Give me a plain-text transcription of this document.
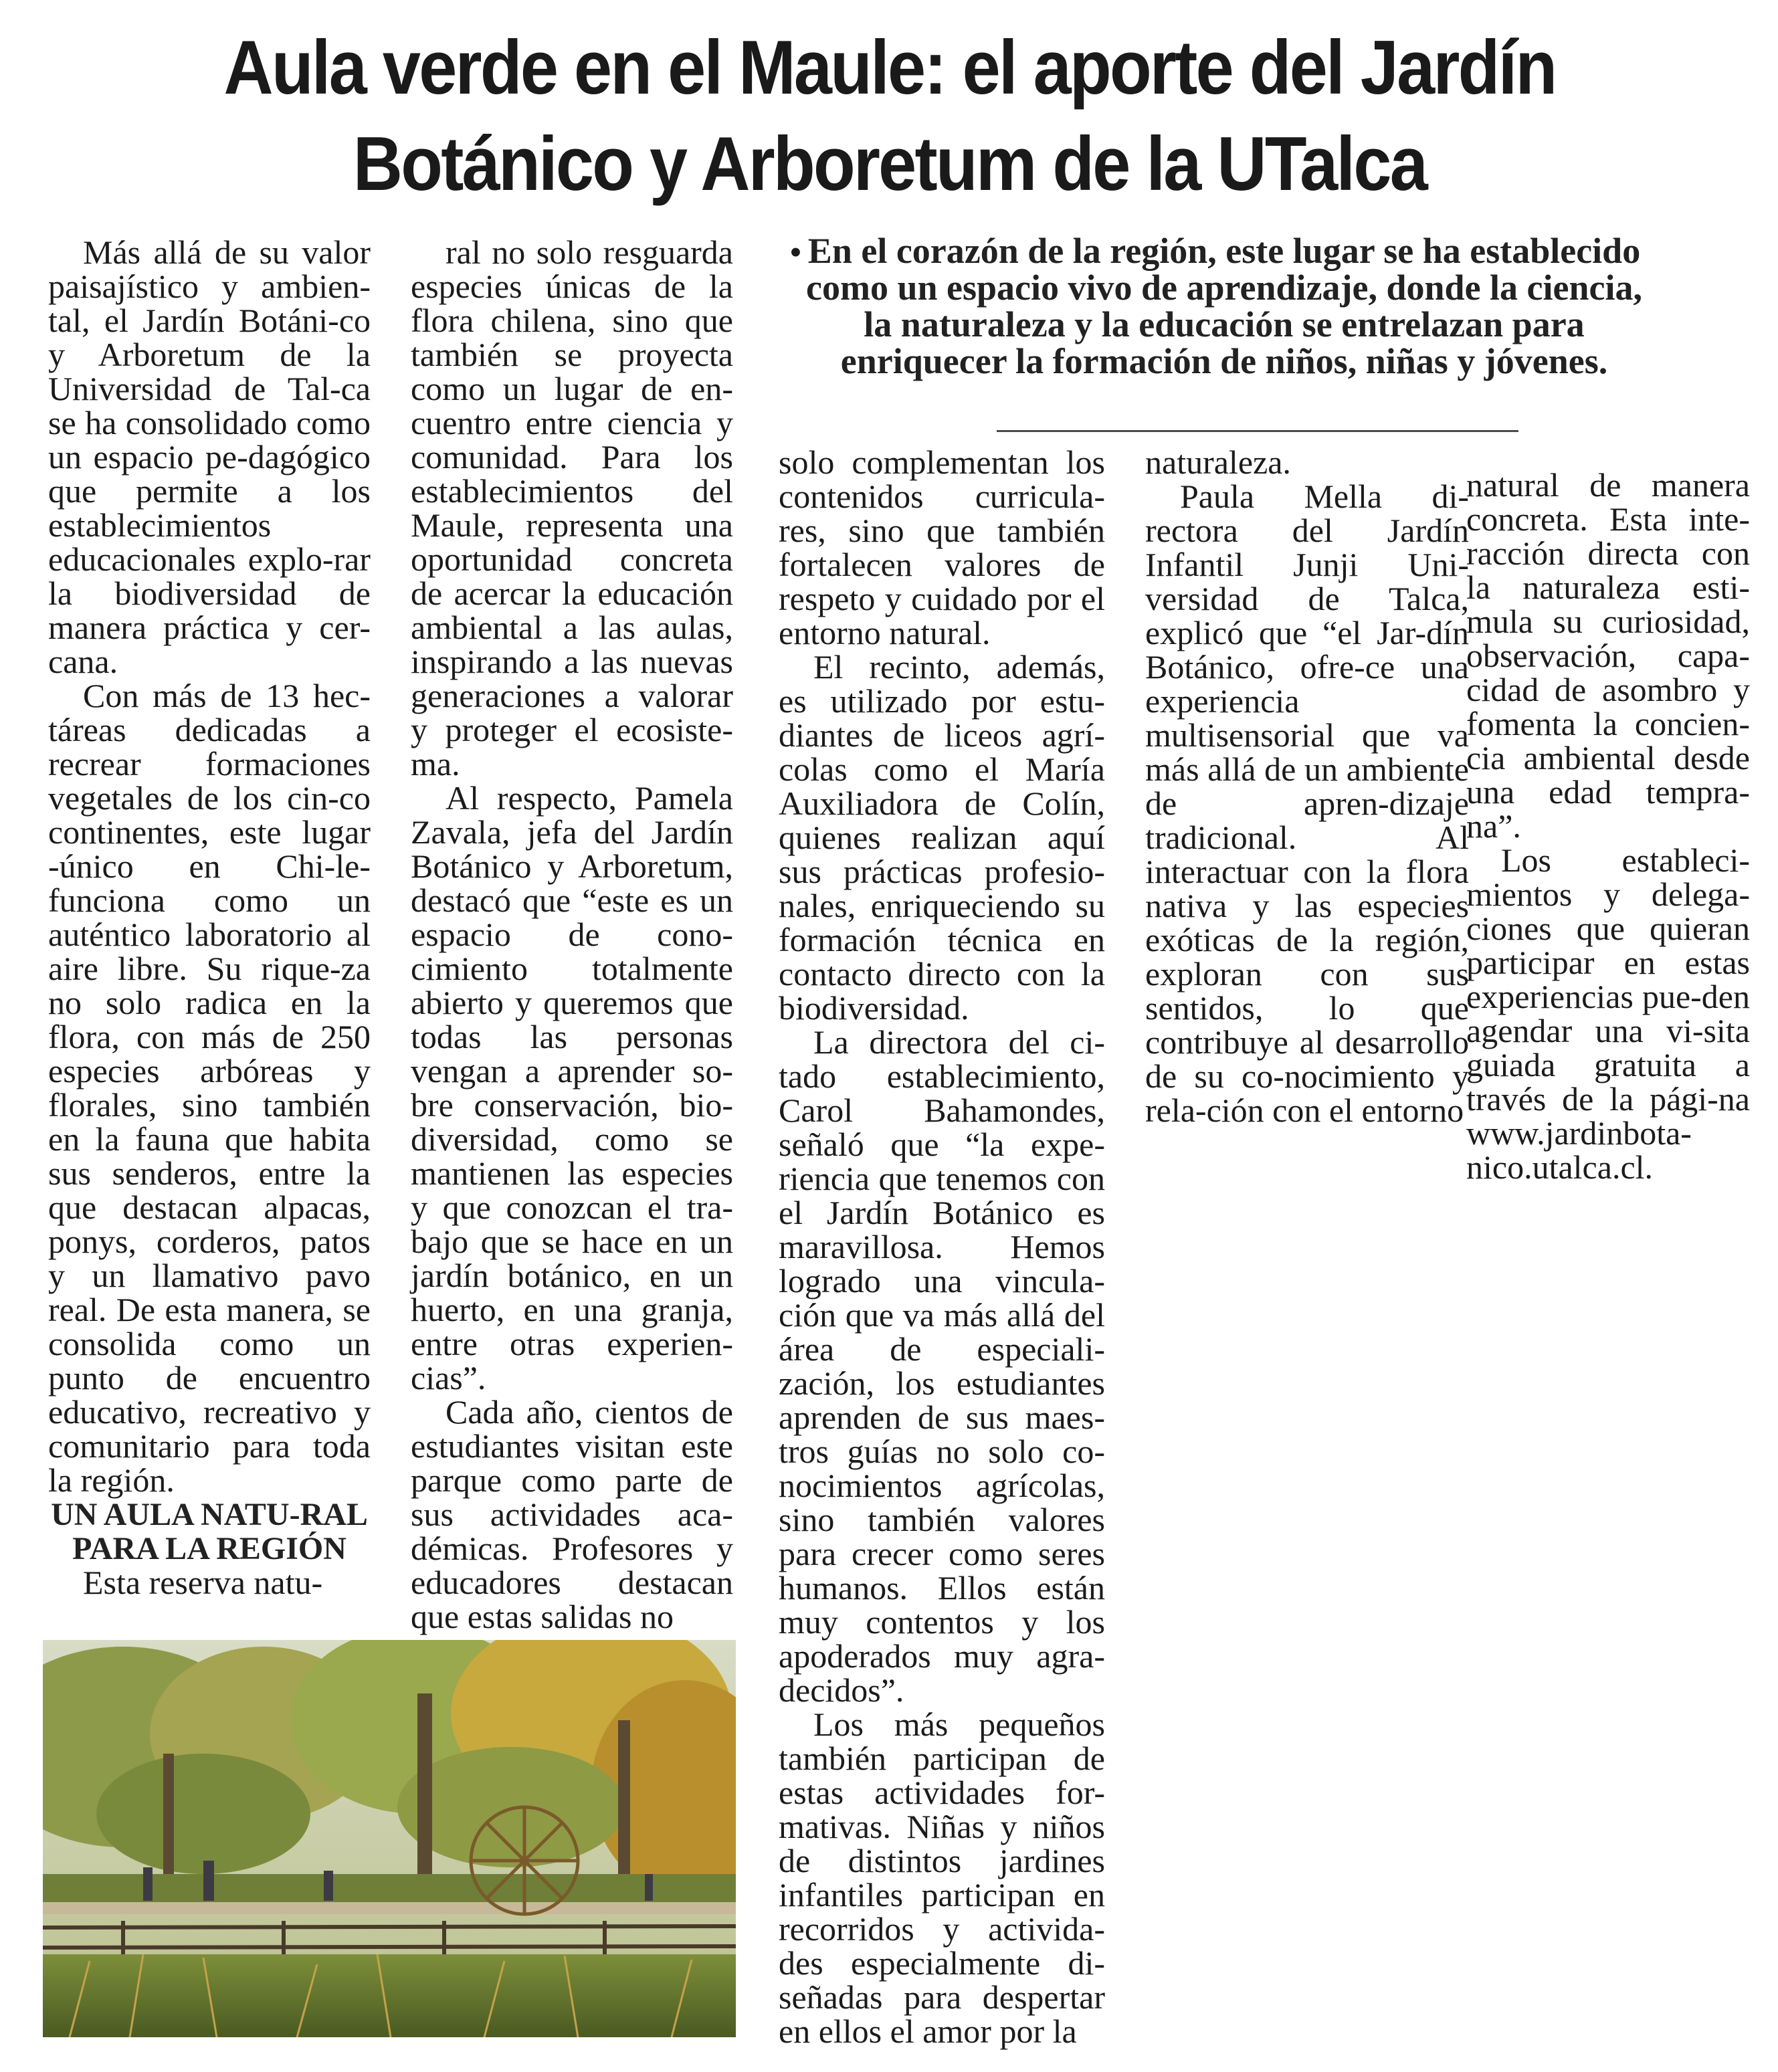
Aula verde en el Maule: el aporte del Jardín Botánico y Arboretum de la UTalca

Más allá de su valor paisajístico y ambien-tal, el Jardín Botáni-co y Arboretum de la Universidad de Tal-ca se ha consolidado como un espacio pe-dagógico que permite a los establecimientos educacionales explo-rar la biodiversidad de manera práctica y cer-cana.

Con más de 13 hec-táreas dedicadas a recrear formaciones vegetales de los cin-co continentes, este lugar -único en Chi-le- funciona como un auténtico laboratorio al aire libre. Su rique-za no solo radica en la flora, con más de 250 especies arbóreas y florales, sino también en la fauna que habita sus senderos, entre la que destacan alpacas, ponys, corderos, patos y un llamativo pavo real. De esta manera, se consolida como un punto de encuentro educativo, recreativo y comunitario para toda la región.

UN AULA NATU-RAL PARA LA REGIÓN

Esta reserva natu-

ral no solo resguarda especies únicas de la flora chilena, sino que también se proyecta como un lugar de en-cuentro entre ciencia y comunidad. Para los establecimientos del Maule, representa una oportunidad concreta de acercar la educación ambiental a las aulas, inspirando a las nuevas generaciones a valorar y proteger el ecosiste-ma.

Al respecto, Pamela Zavala, jefa del Jardín Botánico y Arboretum, destacó que “este es un espacio de cono-cimiento totalmente abierto y queremos que todas las personas vengan a aprender so-bre conservación, bio-diversidad, como se mantienen las especies y que conozcan el tra-bajo que se hace en un jardín botánico, en un huerto, en una granja, entre otras experien-cias”.

Cada año, cientos de estudiantes visitan este parque como parte de sus actividades aca-démicas. Profesores y educadores destacan que estas salidas no

• En el corazón de la región, este lugar se ha establecido como un espacio vivo de aprendizaje, donde la ciencia, la naturaleza y la educación se entrelazan para enriquecer la formación de niños, niñas y jóvenes.

solo complementan los contenidos curricula-res, sino que también fortalecen valores de respeto y cuidado por el entorno natural.

El recinto, además, es utilizado por estu-diantes de liceos agrí-colas como el María Auxiliadora de Colín, quienes realizan aquí sus prácticas profesio-nales, enriqueciendo su formación técnica en contacto directo con la biodiversidad.

La directora del ci-tado establecimiento, Carol Bahamondes, señaló que “la expe-riencia que tenemos con el Jardín Botánico es maravillosa. Hemos logrado una vincula-ción que va más allá del área de especiali-zación, los estudiantes aprenden de sus maes-tros guías no solo co-nocimientos agrícolas, sino también valores para crecer como seres humanos. Ellos están muy contentos y los apoderados muy agra-decidos”.

Los más pequeños también participan de estas actividades for-mativas. Niñas y niños de distintos jardines infantiles participan en recorridos y activida-des especialmente di-señadas para despertar en ellos el amor por la

naturaleza.

Paula Mella di-rectora del Jardín Infantil Junji Uni-versidad de Talca, explicó que “el Jar-dín Botánico, ofre-ce una experiencia multisensorial que va más allá de un ambiente de apren-dizaje tradicional. Al interactuar con la flora nativa y las especies exóticas de la región, exploran con sus sentidos, lo que contribuye al desarrollo de su co-nocimiento y rela-ción con el entorno

natural de manera concreta. Esta inte-racción directa con la naturaleza esti-mula su curiosidad, observación, capa-cidad de asombro y fomenta la concien-cia ambiental desde una edad tempra-na”.

Los estableci-mientos y delega-ciones que quieran participar en estas experiencias pue-den agendar una vi-sita guiada gratuita a través de la pági-na www.jardinbota-nico.utalca.cl.
